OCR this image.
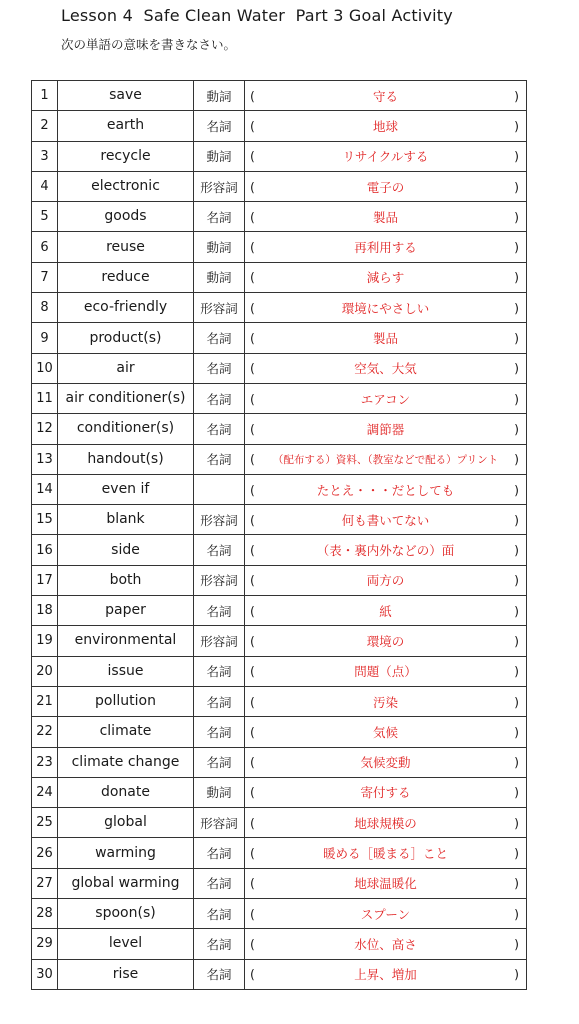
Lesson 4  Safe Clean Water  Part 3 Goal Activity
次の単語の意味を書きなさい。
1	save	動詞	( 守る )

2	earth	名詞	( 地球 )

3	recycle	動詞	( リサイクルする )

4	electronic	形容詞	( 電子の )

5	goods	名詞	( 製品 )

6	reuse	動詞	( 再利用する )

7	reduce	動詞	( 減らす )

8	eco-friendly	形容詞	( 環境にやさしい )

9	product(s)	名詞	( 製品 )

10	air	名詞	( 空気、大気 )

11	air conditioner(s)	名詞	( エアコン )

12	conditioner(s)	名詞	( 調節器 )

13	handout(s)	名詞	( （配布する）資料、（教室などで配る）プリント )

14	even if		( たとえ・・・だとしても )

15	blank	形容詞	( 何も書いてない )

16	side	名詞	( （表・裏内外などの）面 )

17	both	形容詞	( 両方の )

18	paper	名詞	( 紙 )

19	environmental	形容詞	( 環境の )

20	issue	名詞	( 問題（点） )

21	pollution	名詞	( 汚染 )

22	climate	名詞	( 気候 )

23	climate change	名詞	( 気候変動 )

24	donate	動詞	( 寄付する )

25	global	形容詞	( 地球規模の )

26	warming	名詞	( 暖める［暖まる］こと )

27	global warming	名詞	( 地球温暖化 )

28	spoon(s)	名詞	( スプーン )

29	level	名詞	( 水位、高さ )

30	rise	名詞	( 上昇、増加 )
